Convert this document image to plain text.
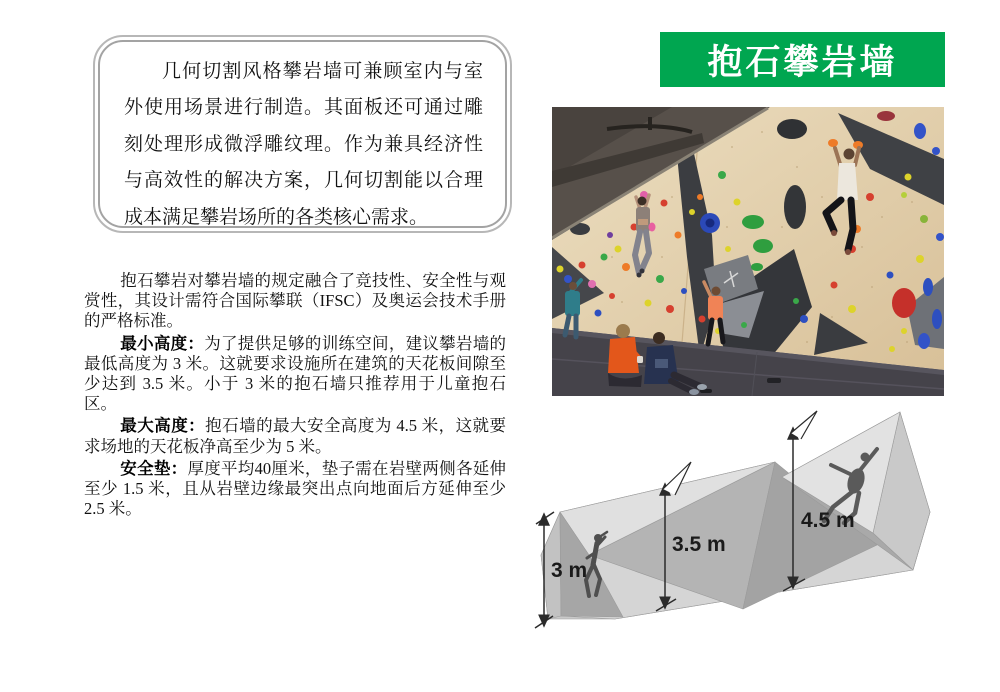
几何切割风格攀岩墙可兼顾室内与室外使用场景进行制造。其面板还可通过雕刻处理形成微浮雕纹理。作为兼具经济性与高效性的解决方案，几何切割能以合理成本满足攀岩场所的各类核心需求。

抱石攀岩墙

抱石攀岩对攀岩墙的规定融合了竞技性、安全性与观赏性，其设计需符合国际攀联（IFSC）及奥运会技术手册的严格标准。

最小高度：为了提供足够的训练空间，建议攀岩墙的最低高度为 3 米。这就要求设施所在建筑的天花板间隙至少达到 3.5 米。小于 3 米的抱石墙只推荐用于儿童抱石区。

最大高度：抱石墙的最大安全高度为 4.5 米，这就要求场地的天花板净高至少为 5 米。

安全垫：厚度平均40厘米，垫子需在岩壁两侧各延伸至少 1.5 米，且从岩壁边缘最突出点向地面后方延伸至少 2.5 米。

3 m
3.5 m
4.5 m
